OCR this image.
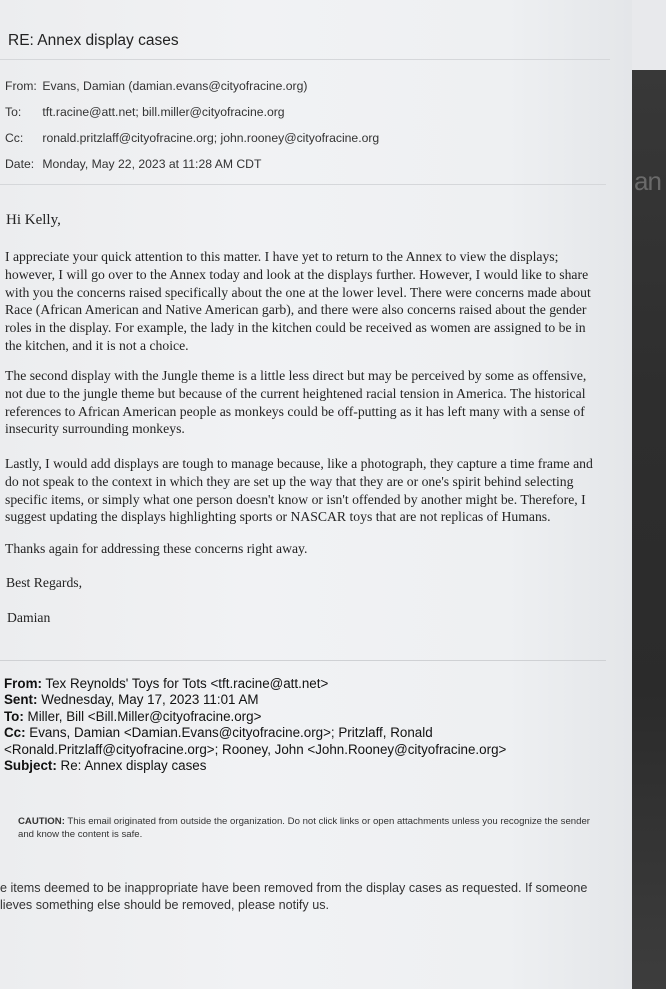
RE: Annex display cases
From: Evans, Damian (damian.evans@cityofracine.org)
To: tft.racine@att.net; bill.miller@cityofracine.org
Cc: ronald.pritzlaff@cityofracine.org; john.rooney@cityofracine.org
Date: Monday, May 22, 2023 at 11:28 AM CDT
Hi Kelly,
I appreciate your quick attention to this matter. I have yet to return to the Annex to view the displays;
however, I will go over to the Annex today and look at the displays further. However, I would like to share
with you the concerns raised specifically about the one at the lower level. There were concerns made about
Race (African American and Native American garb), and there were also concerns raised about the gender
roles in the display. For example, the lady in the kitchen could be received as women are assigned to be in
the kitchen, and it is not a choice.
The second display with the Jungle theme is a little less direct but may be perceived by some as offensive,
not due to the jungle theme but because of the current heightened racial tension in America. The historical
references to African American people as monkeys could be off-putting as it has left many with a sense of
insecurity surrounding monkeys.
Lastly, I would add displays are tough to manage because, like a photograph, they capture a time frame and
do not speak to the context in which they are set up the way that they are or one's spirit behind selecting
specific items, or simply what one person doesn't know or isn't offended by another might be. Therefore, I
suggest updating the displays highlighting sports or NASCAR toys that are not replicas of Humans.
Thanks again for addressing these concerns right away.
Best Regards,
Damian
From: Tex Reynolds' Toys for Tots <tft.racine@att.net>
Sent: Wednesday, May 17, 2023 11:01 AM
To: Miller, Bill <Bill.Miller@cityofracine.org>
Cc: Evans, Damian <Damian.Evans@cityofracine.org>; Pritzlaff, Ronald
<Ronald.Pritzlaff@cityofracine.org>; Rooney, John <John.Rooney@cityofracine.org>
Subject: Re: Annex display cases
CAUTION: This email originated from outside the organization. Do not click links or open attachments unless you recognize the sender
and know the content is safe.
e items deemed to be inappropriate have been removed from the display cases as requested. If someone
lieves something else should be removed, please notify us.
an
